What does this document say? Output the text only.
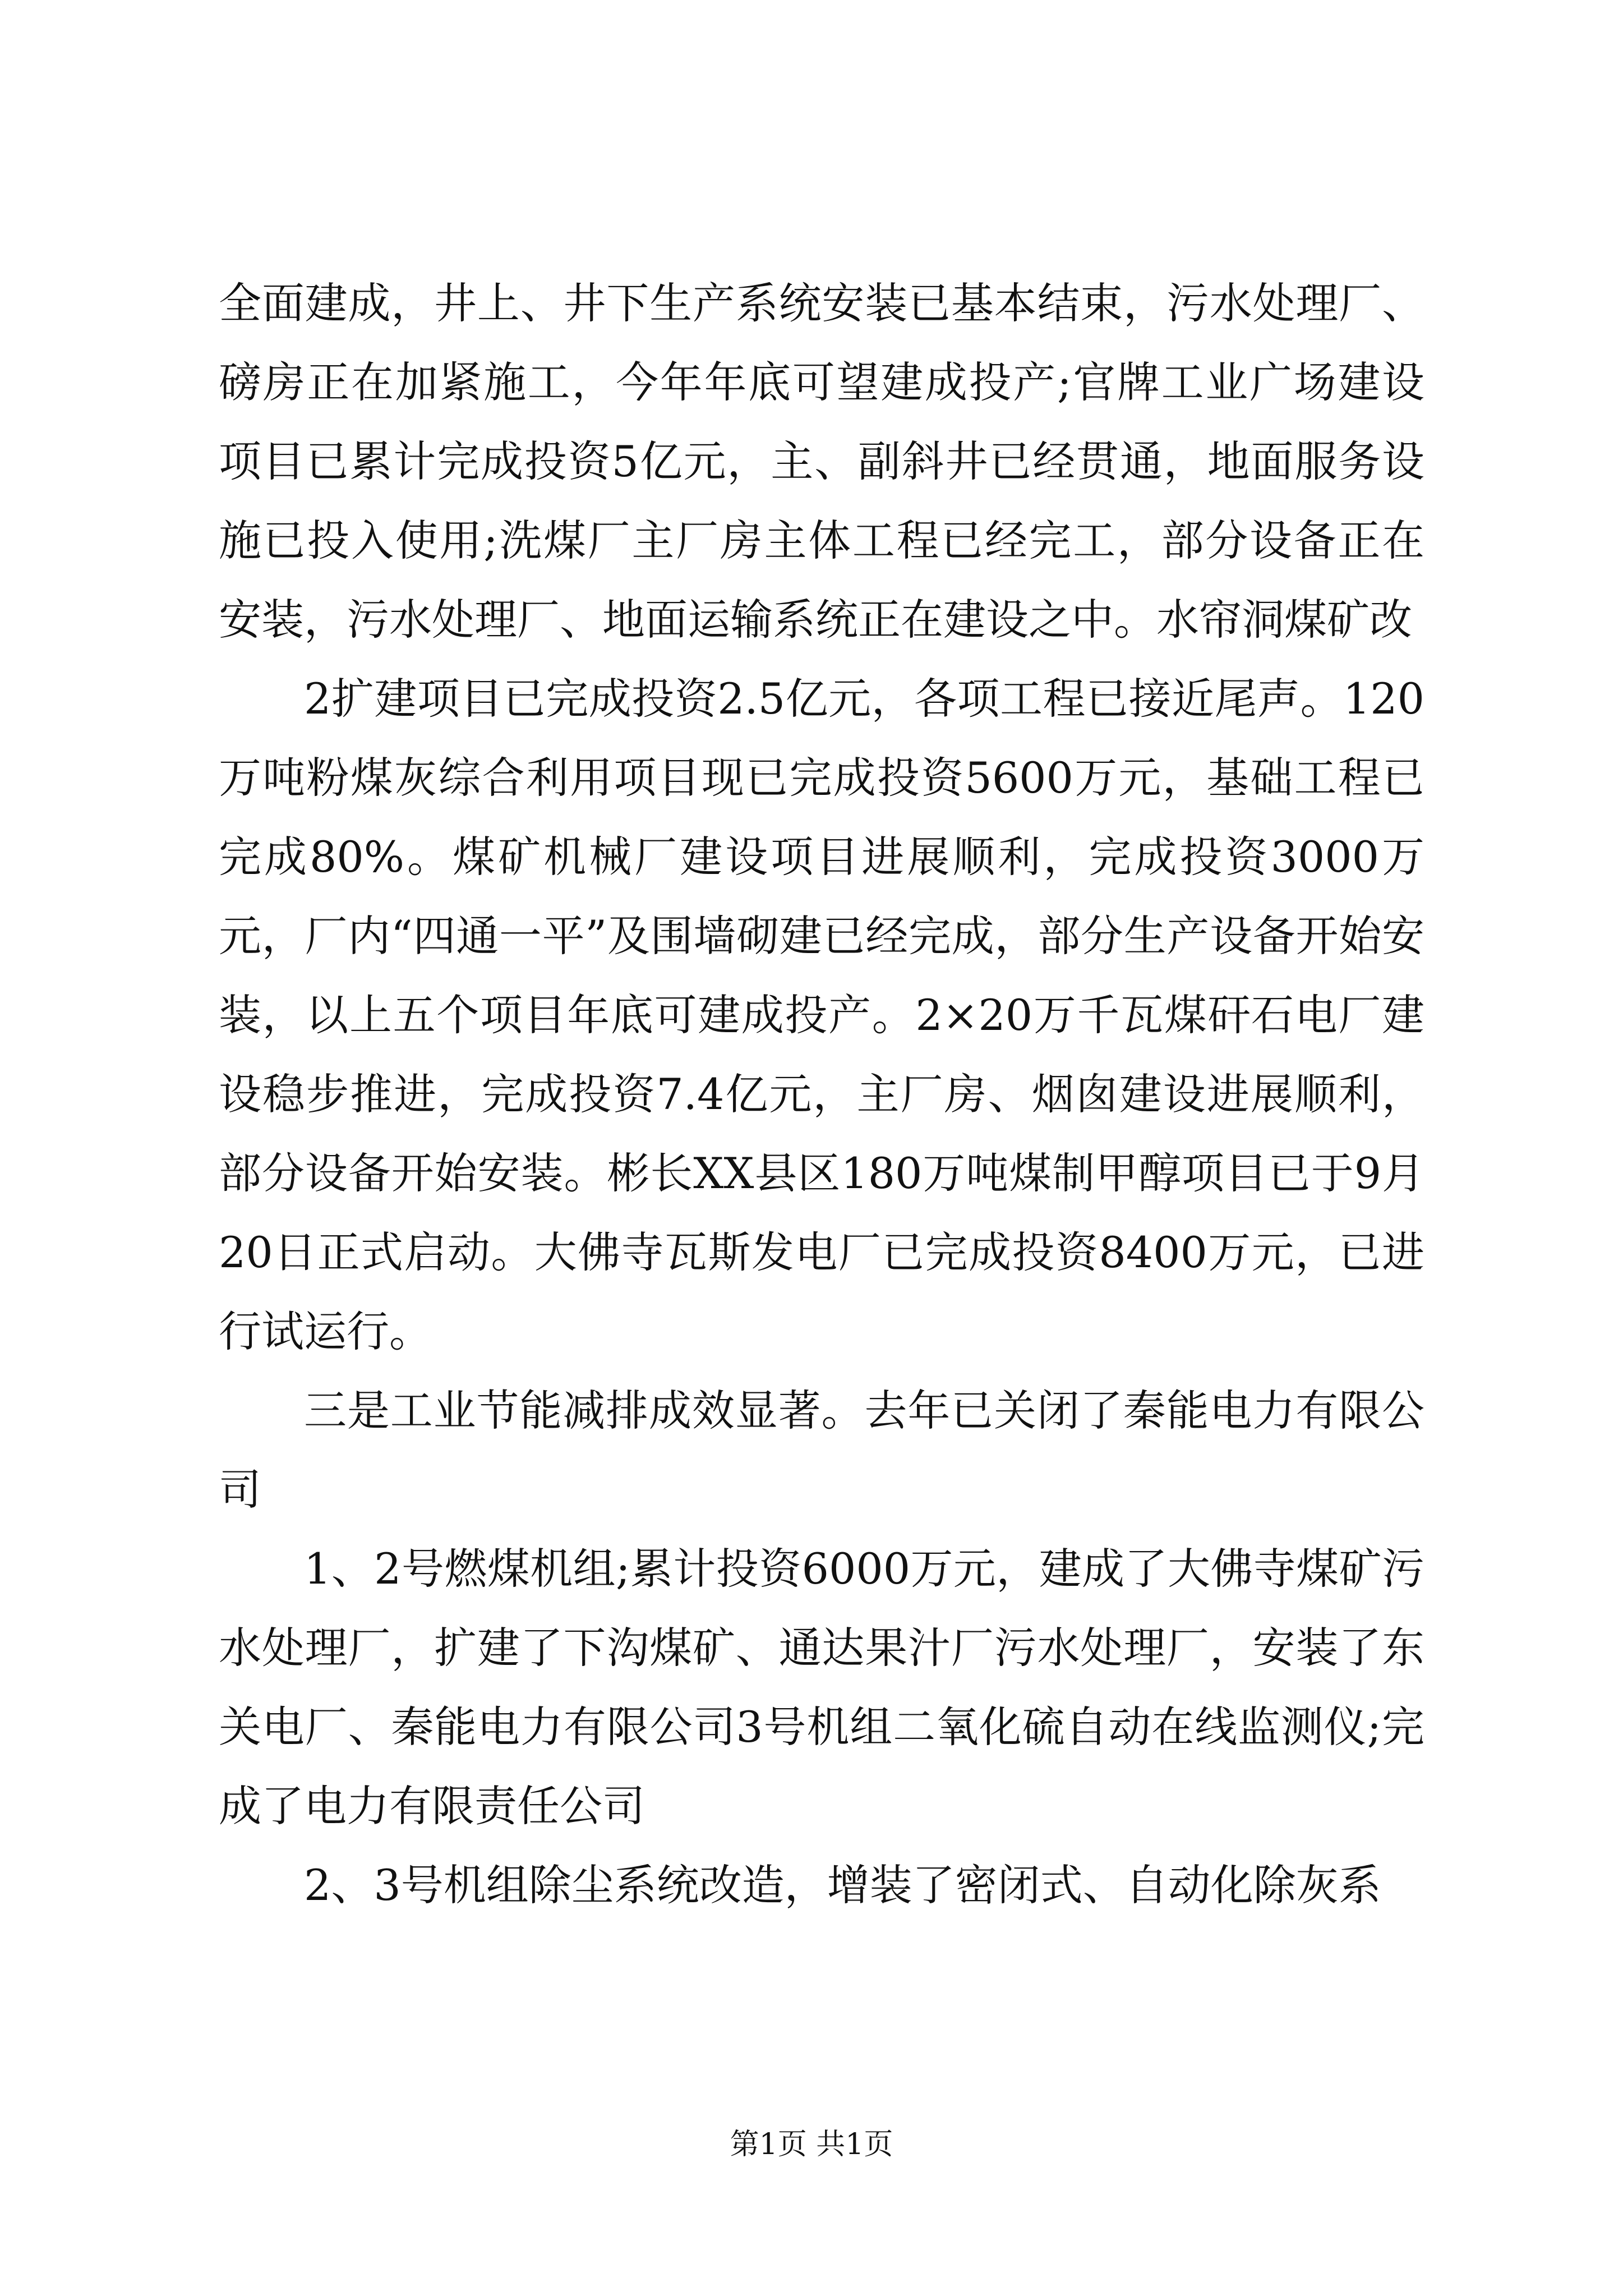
全面建成，井上、井下生产系统安装已基本结束，污水处理厂、磅房正在加紧施工，今年年底可望建成投产;官牌工业广场建设项目已累计完成投资5亿元，主、副斜井已经贯通，地面服务设施已投入使用;洗煤厂主厂房主体工程已经完工，部分设备正在安装，污水处理厂、地面运输系统正在建设之中。水帘洞煤矿改

2扩建项目已完成投资2.5亿元，各项工程已接近尾声。120万吨粉煤灰综合利用项目现已完成投资5600万元，基础工程已完成80%。煤矿机械厂建设项目进展顺利，完成投资3000万元，厂内“四通一平”及围墙砌建已经完成，部分生产设备开始安装，以上五个项目年底可建成投产。2×20万千瓦煤矸石电厂建设稳步推进，完成投资7.4亿元，主厂房、烟囱建设进展顺利，部分设备开始安装。彬长XX县区180万吨煤制甲醇项目已于9月20日正式启动。大佛寺瓦斯发电厂已完成投资8400万元，已进行试运行。

三是工业节能减排成效显著。去年已关闭了秦能电力有限公司

1、2号燃煤机组;累计投资6000万元，建成了大佛寺煤矿污水处理厂，扩建了下沟煤矿、通达果汁厂污水处理厂，安装了东关电厂、秦能电力有限公司3号机组二氧化硫自动在线监测仪;完成了电力有限责任公司

2、3号机组除尘系统改造，增装了密闭式、自动化除灰系

第1页 共1页
